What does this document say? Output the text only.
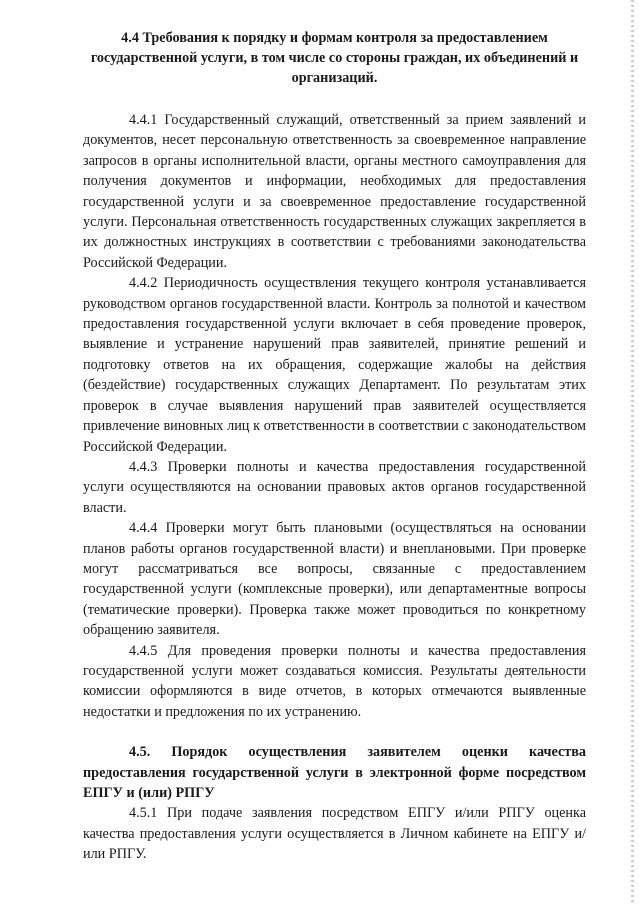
4.4 Требования к порядку и формам контроля за предоставлением государственной услуги, в том числе со стороны граждан, их объединений и организаций.

4.4.1 Государственный служащий, ответственный за прием заявлений и документов, несет персональную ответственность за своевременное направление запросов в органы исполнительной власти, органы местного самоуправления для получения документов и информации, необходимых для предоставления государственной услуги и за своевременное предоставление государственной услуги. Персональная ответственность государственных служащих закрепляется в их должностных инструкциях в соответствии с требованиями законодательства Российской Федерации.

4.4.2 Периодичность осуществления текущего контроля устанавливается руководством органов государственной власти. Контроль за полнотой и качеством предоставления государственной услуги включает в себя проведение проверок, выявление и устранение нарушений прав заявителей, принятие решений и подготовку ответов на их обращения, содержащие жалобы на действия (бездействие) государственных служащих Департамент. По результатам этих проверок в случае выявления нарушений прав заявителей осуществляется привлечение виновных лиц к ответственности в соответствии с законодательством Российской Федерации.

4.4.3 Проверки полноты и качества предоставления государственной услуги осуществляются на основании правовых актов органов государственной власти.

4.4.4 Проверки могут быть плановыми (осуществляться на основании планов работы органов государственной власти) и внеплановыми. При проверке могут рассматриваться все вопросы, связанные с предоставлением государственной услуги (комплексные проверки), или департаментные вопросы (тематические проверки). Проверка также может проводиться по конкретному обращению заявителя.

4.4.5 Для проведения проверки полноты и качества предоставления государственной услуги может создаваться комиссия. Результаты деятельности комиссии оформляются в виде отчетов, в которых отмечаются выявленные недостатки и предложения по их устранению.

4.5. Порядок осуществления заявителем оценки качества предоставления государственной услуги в электронной форме посредством ЕПГУ и (или) РПГУ

4.5.1 При подаче заявления посредством ЕПГУ и/или РПГУ оценка качества предоставления услуги осуществляется в Личном кабинете на ЕПГУ и/или РПГУ.
